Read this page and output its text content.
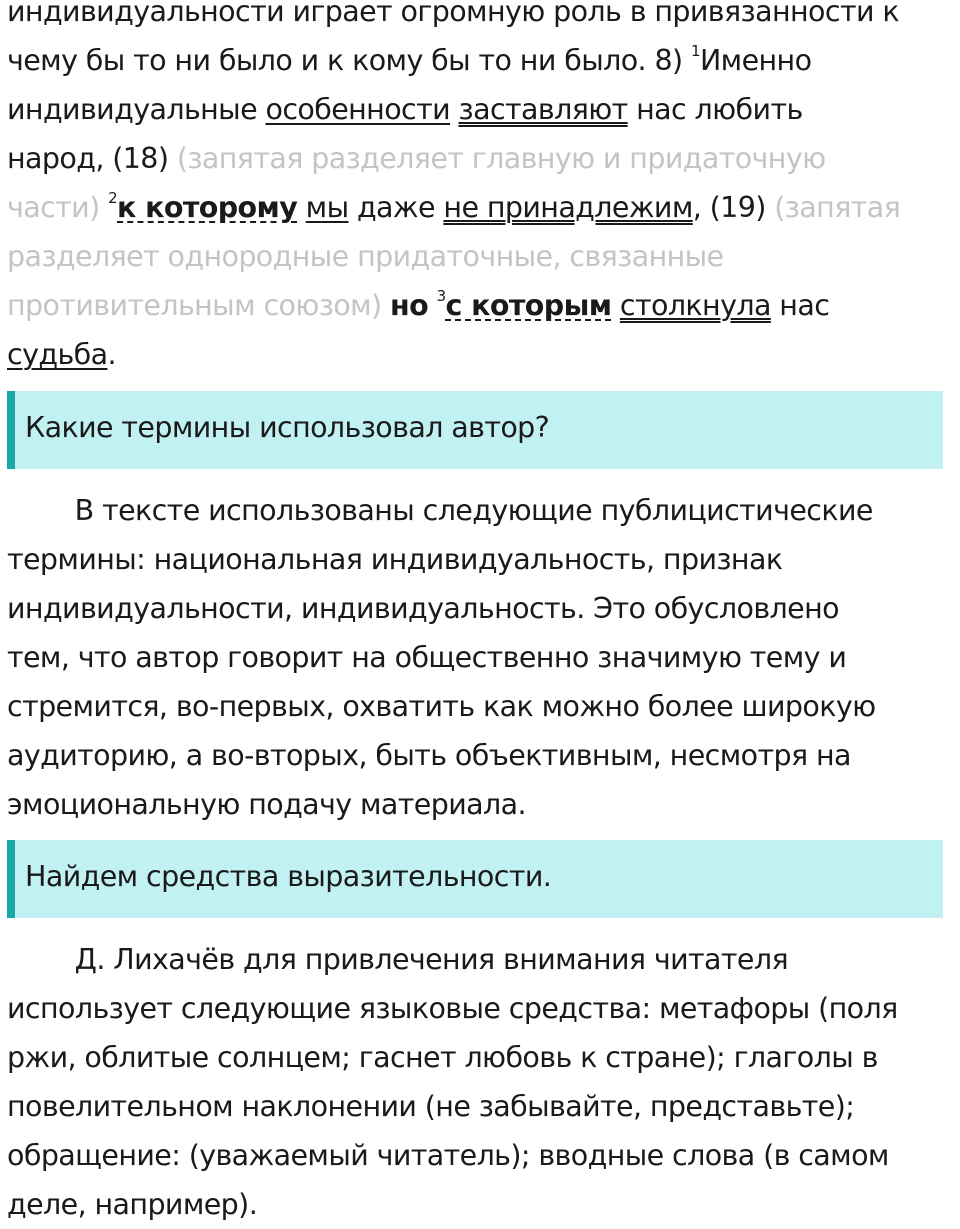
индивидуальности играет огромную роль в привязанности к
чему бы то ни было и к кому бы то ни было. 8) $^1$Именно
индивидуальные особенности заставляют нас любить
народ, (18) (запятая разделяет главную и придаточную
части) $^2$к которому мы даже не принадлежим, (19) (запятая
разделяет однородные придаточные, связанные
противительным союзом) но $^3$с которым столкнула нас
судьба.
Какие термины использовал автор?
В тексте использованы следующие публицистические
термины: национальная индивидуальность, признак
индивидуальности, индивидуальность. Это обусловлено
тем, что автор говорит на общественно значимую тему и
стремится, во-первых, охватить как можно более широкую
аудиторию, а во-вторых, быть объективным, несмотря на
эмоциональную подачу материала.
Найдем средства выразительности.
Д. Лихачёв для привлечения внимания читателя
использует следующие языковые средства: метафоры (поля
ржи, облитые солнцем; гаснет любовь к стране); глаголы в
повелительном наклонении (не забывайте, представьте);
обращение: (уважаемый читатель); вводные слова (в самом
деле, например).
